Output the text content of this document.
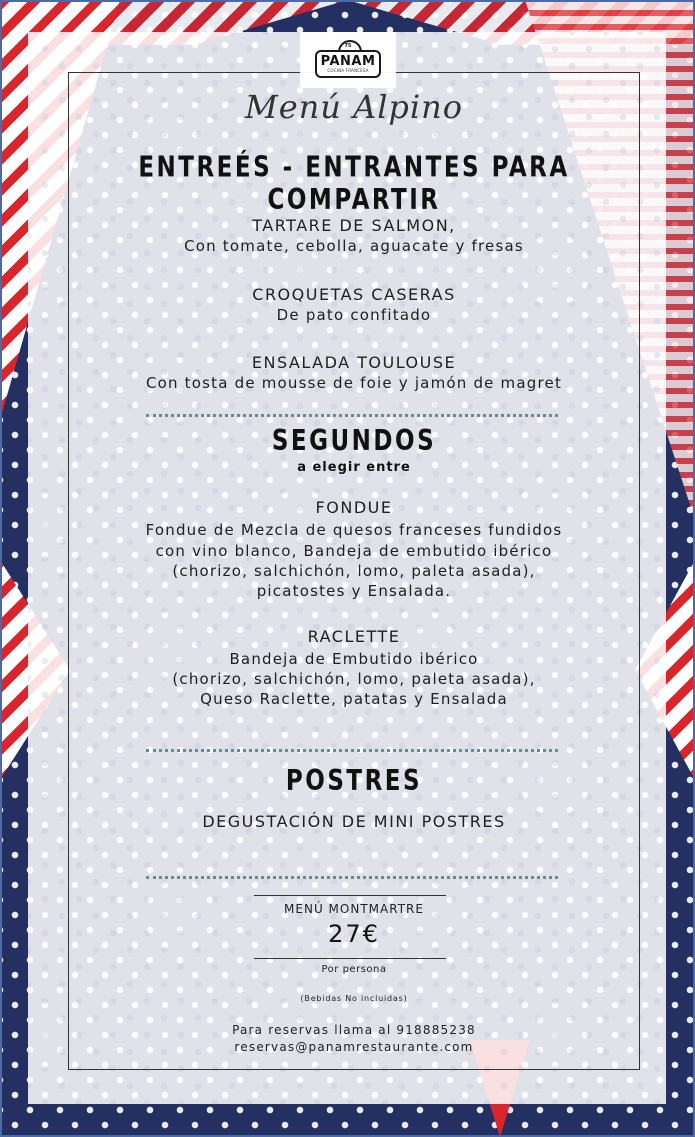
75
PANAM
COCINA FRANCESA

Menú Alpino

ENTREÉS - ENTRANTES PARA COMPARTIR

TARTARE DE SALMON,

Con tomate, cebolla, aguacate y fresas

CROQUETAS CASERAS

De pato confitado

ENSALADA TOULOUSE

Con tosta de mousse de foie y jamón de magret

SEGUNDOS

a elegir entre

FONDUE

Fondue de Mezcla de quesos franceses fundidos

con vino blanco, Bandeja de embutido ibérico

(chorizo, salchichón, lomo, paleta asada),

picatostes y Ensalada.

RACLETTE

Bandeja de Embutido ibérico

(chorizo, salchichón, lomo, paleta asada),

Queso Raclette, patatas y Ensalada

POSTRES

DEGUSTACIÓN DE MINI POSTRES

MENÚ MONTMARTRE

27€

Por persona

(Bebidas No incluidas)

Para reservas llama al 918885238

reservas@panamrestaurante.com
